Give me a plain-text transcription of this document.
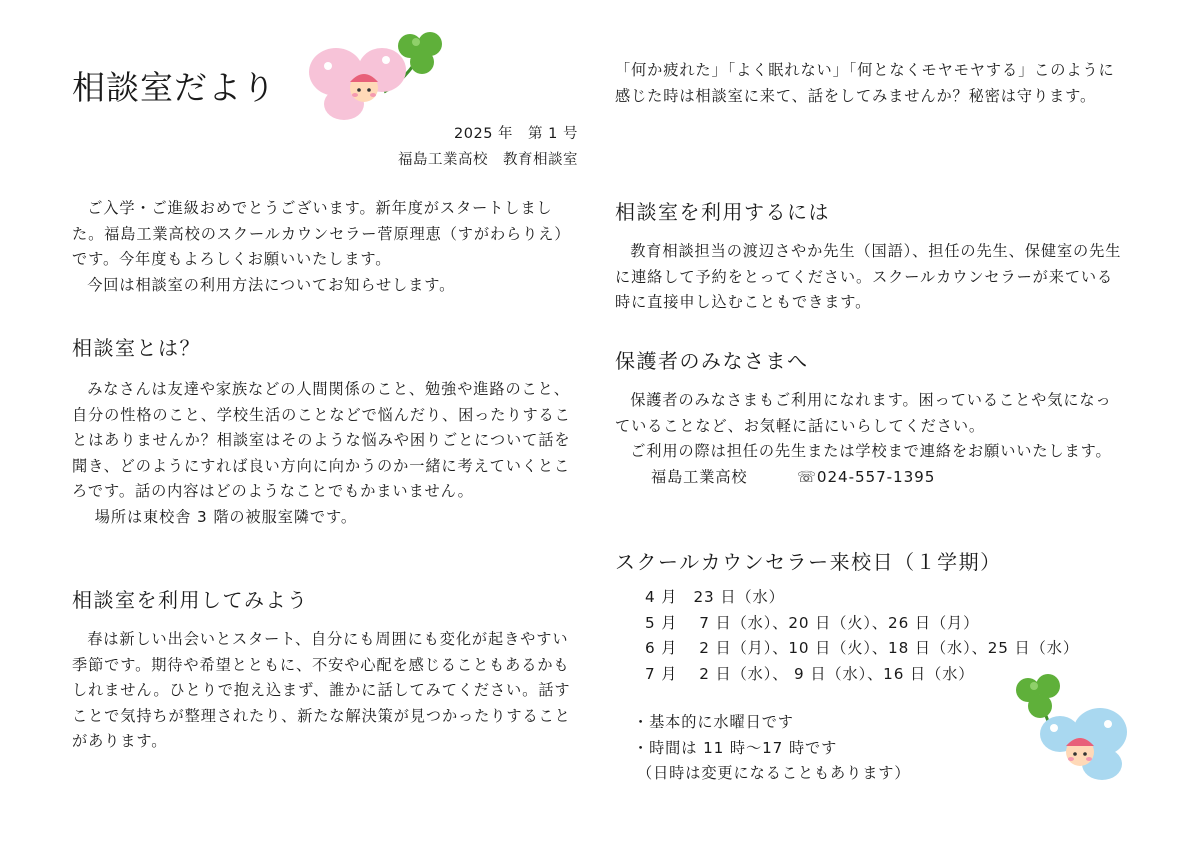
相談室だより
2025 年　第 1 号
福島工業高校　教育相談室

ご入学・ご進級おめでとうございます。新年度がスタートしました。福島工業高校のスクールカウンセラー菅原理恵（すがわらりえ）です。今年度もよろしくお願いいたします。

今回は相談室の利用方法についてお知らせします。

相談室とは？

みなさんは友達や家族などの人間関係のこと、勉強や進路のこと、自分の性格のこと、学校生活のことなどで悩んだり、困ったりすることはありませんか？相談室はそのような悩みや困りごとについて話を聞き、どのようにすれば良い方向に向かうのか一緒に考えていくところです。話の内容はどのようなことでもかまいません。

場所は東校舎 3 階の被服室隣です。

相談室を利用してみよう

春は新しい出会いとスタート、自分にも周囲にも変化が起きやすい季節です。期待や希望とともに、不安や心配を感じることもあるかもしれません。ひとりで抱え込まず、誰かに話してみてください。話すことで気持ちが整理されたり、新たな解決策が見つかったりすることがあります。

「何か疲れた」「よく眠れない」「何となくモヤモヤする」このように感じた時は相談室に来て、話をしてみませんか？秘密は守ります。

相談室を利用するには

教育相談担当の渡辺さやか先生（国語）、担任の先生、保健室の先生に連絡して予約をとってください。スクールカウンセラーが来ている時に直接申し込むこともできます。

保護者のみなさまへ

保護者のみなさまもご利用になれます。困っていることや気になっていることなど、お気軽に話にいらしてください。

ご利用の際は担任の先生または学校まで連絡をお願いいたします。

福島工業高校	☏024-557-1395

スクールカウンセラー来校日（１学期）
4 月　23 日（水）
5 月　 7 日（水）、20 日（火）、26 日（月）
6 月　 2 日（月）、10 日（火）、18 日（水）、25 日（水）
7 月　 2 日（水）、 9 日（水）、16 日（水）
・基本的に水曜日です
・時間は 11 時～17 時です
（日時は変更になることもあります）
